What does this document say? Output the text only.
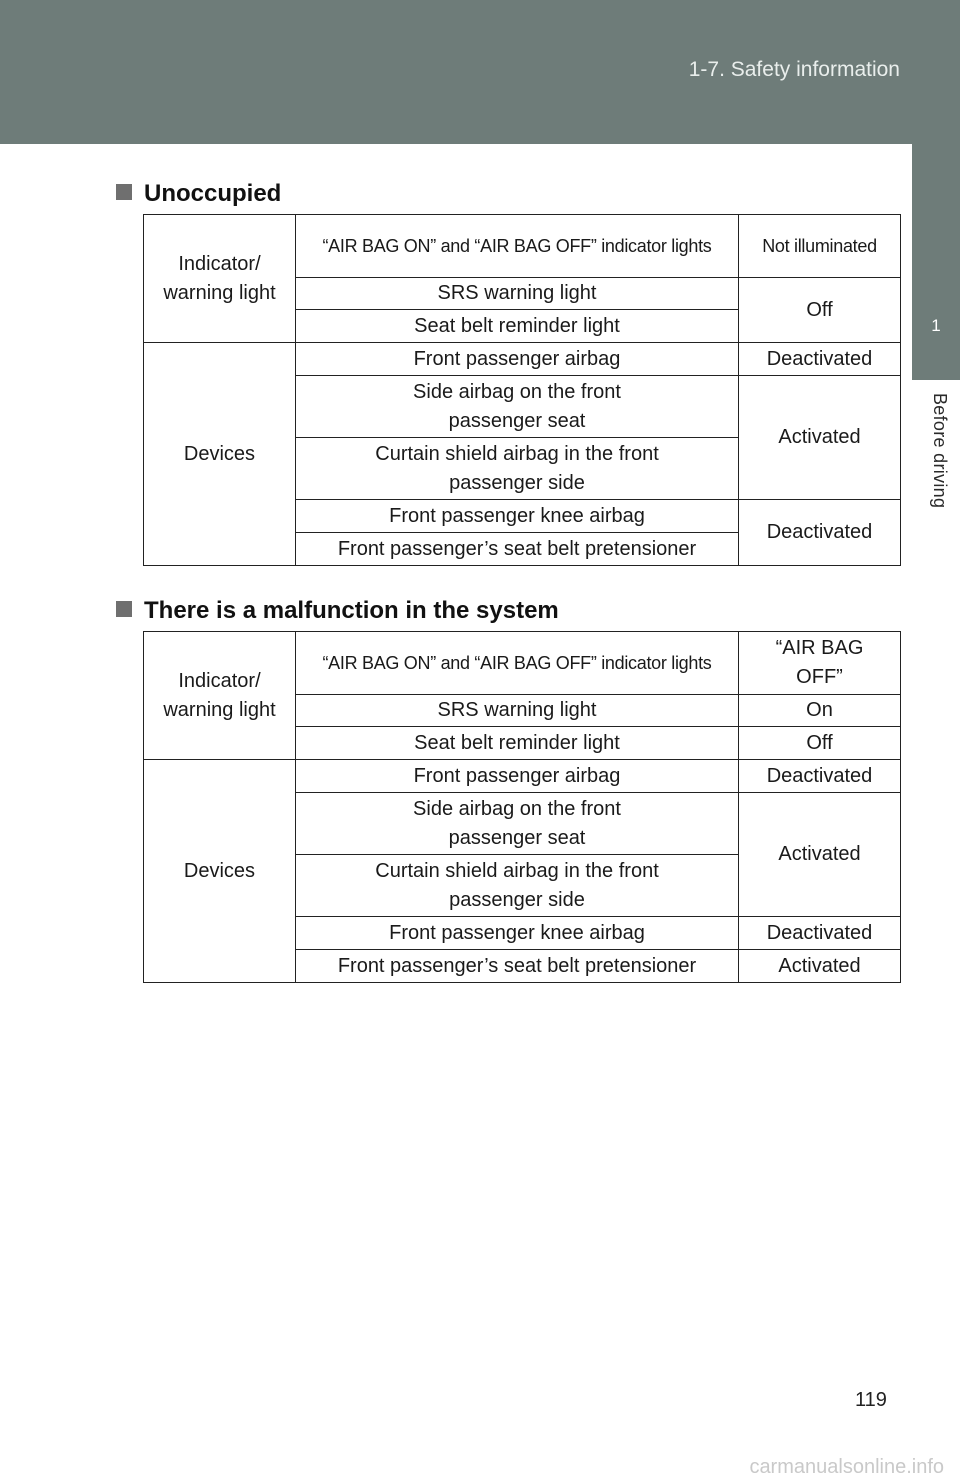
1-7. Safety information
1
Before driving
Unoccupied
Indicator/ warning light	“AIR BAG ON” and “AIR BAG OFF” indicator lights	Not illuminated
	SRS warning light	Off
	Seat belt reminder light	
Devices	Front passenger airbag	Deactivated
	Side airbag on the front passenger seat	Activated
	Curtain shield airbag in the front passenger side	
	Front passenger knee airbag	Deactivated
	Front passenger’s seat belt pretensioner	
There is a malfunction in the system
Indicator/ warning light	“AIR BAG ON” and “AIR BAG OFF” indicator lights	“AIR BAG OFF”
	SRS warning light	On
	Seat belt reminder light	Off
Devices	Front passenger airbag	Deactivated
	Side airbag on the front passenger seat	Activated
	Curtain shield airbag in the front passenger side	
	Front passenger knee airbag	Deactivated
	Front passenger’s seat belt pretensioner	Activated
119
carmanualsonline.info
